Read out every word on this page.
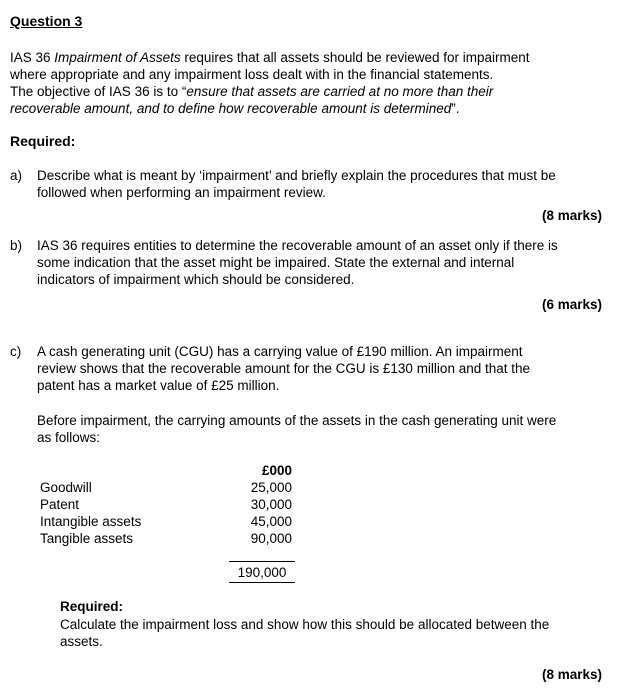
Question 3
IAS 36 Impairment of Assets requires that all assets should be reviewed for impairment
where appropriate and any impairment loss dealt with in the financial statements.
The objective of IAS 36 is to “ensure that assets are carried at no more than their
recoverable amount, and to define how recoverable amount is determined”.
Required:
a) Describe what is meant by ‘impairment’ and briefly explain the procedures that must be
followed when performing an impairment review.
(8 marks)
b) IAS 36 requires entities to determine the recoverable amount of an asset only if there is
some indication that the asset might be impaired. State the external and internal
indicators of impairment which should be considered.
(6 marks)
c) A cash generating unit (CGU) has a carrying value of £190 million. An impairment
review shows that the recoverable amount for the CGU is £130 million and that the
patent has a market value of £25 million.
Before impairment, the carrying amounts of the assets in the cash generating unit were
as follows:
£000
Goodwill	25,000
Patent	30,000
Intangible assets	45,000
Tangible assets	90,000
190,000
Required:
Calculate the impairment loss and show how this should be allocated between the
assets.
(8 marks)
